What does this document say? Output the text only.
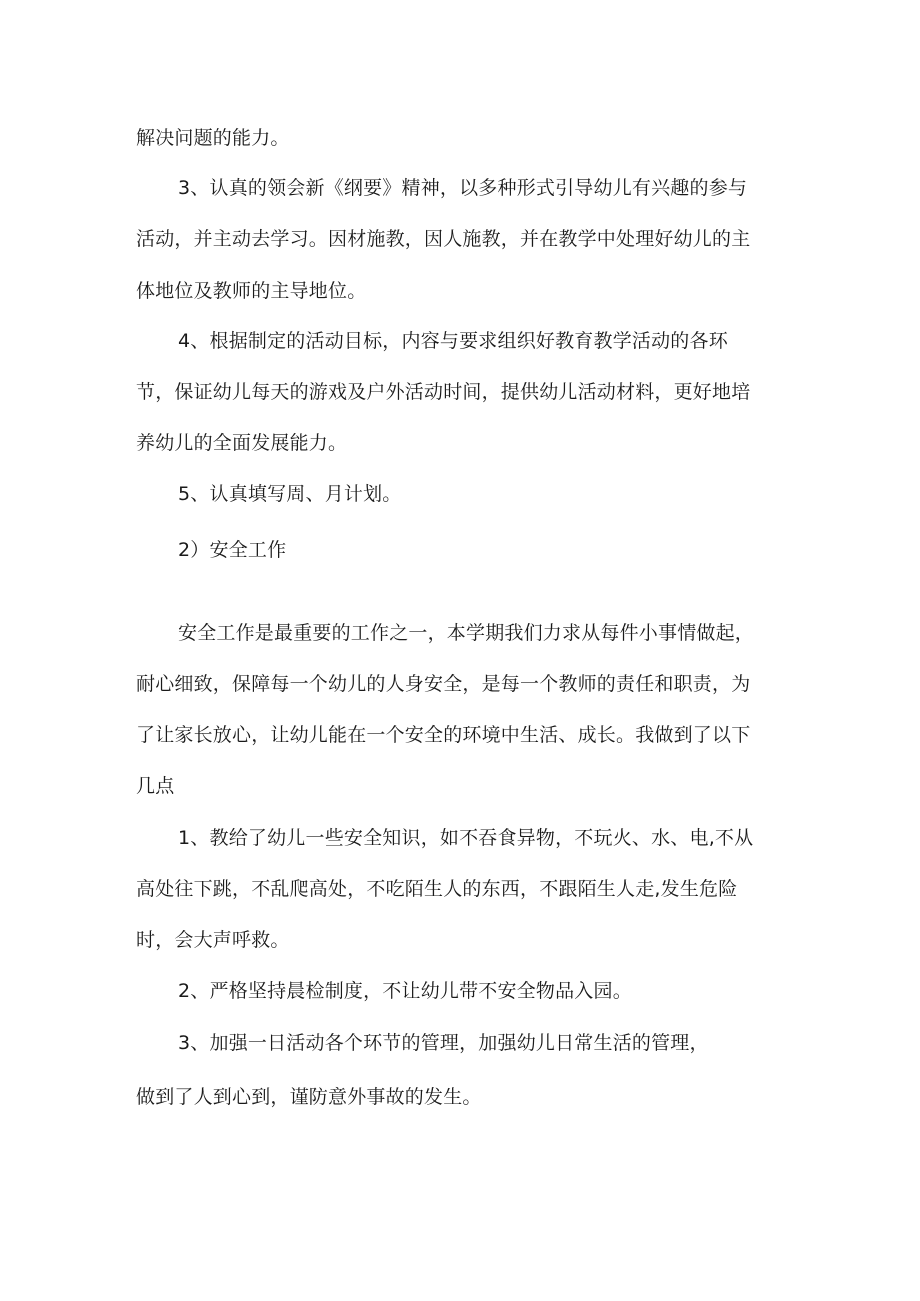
解决问题的能力。
3、认真的领会新《纲要》精神，以多种形式引导幼儿有兴趣的参与
活动，并主动去学习。因材施教，因人施教，并在教学中处理好幼儿的主
体地位及教师的主导地位。
4、根据制定的活动目标，内容与要求组织好教育教学活动的各环
节，保证幼儿每天的游戏及户外活动时间，提供幼儿活动材料，更好地培
养幼儿的全面发展能力。
5、认真填写周、月计划。
2）安全工作
安全工作是最重要的工作之一，本学期我们力求从每件小事情做起，
耐心细致，保障每一个幼儿的人身安全，是每一个教师的责任和职责，为
了让家长放心，让幼儿能在一个安全的环境中生活、成长。我做到了以下
几点
1、教给了幼儿一些安全知识，如不吞食异物，不玩火、水、电,不从
高处往下跳，不乱爬高处，不吃陌生人的东西，不跟陌生人走,发生危险
时，会大声呼救。
2、严格坚持晨检制度，不让幼儿带不安全物品入园。
3、加强一日活动各个环节的管理，加强幼儿日常生活的管理，
做到了人到心到，谨防意外事故的发生。
